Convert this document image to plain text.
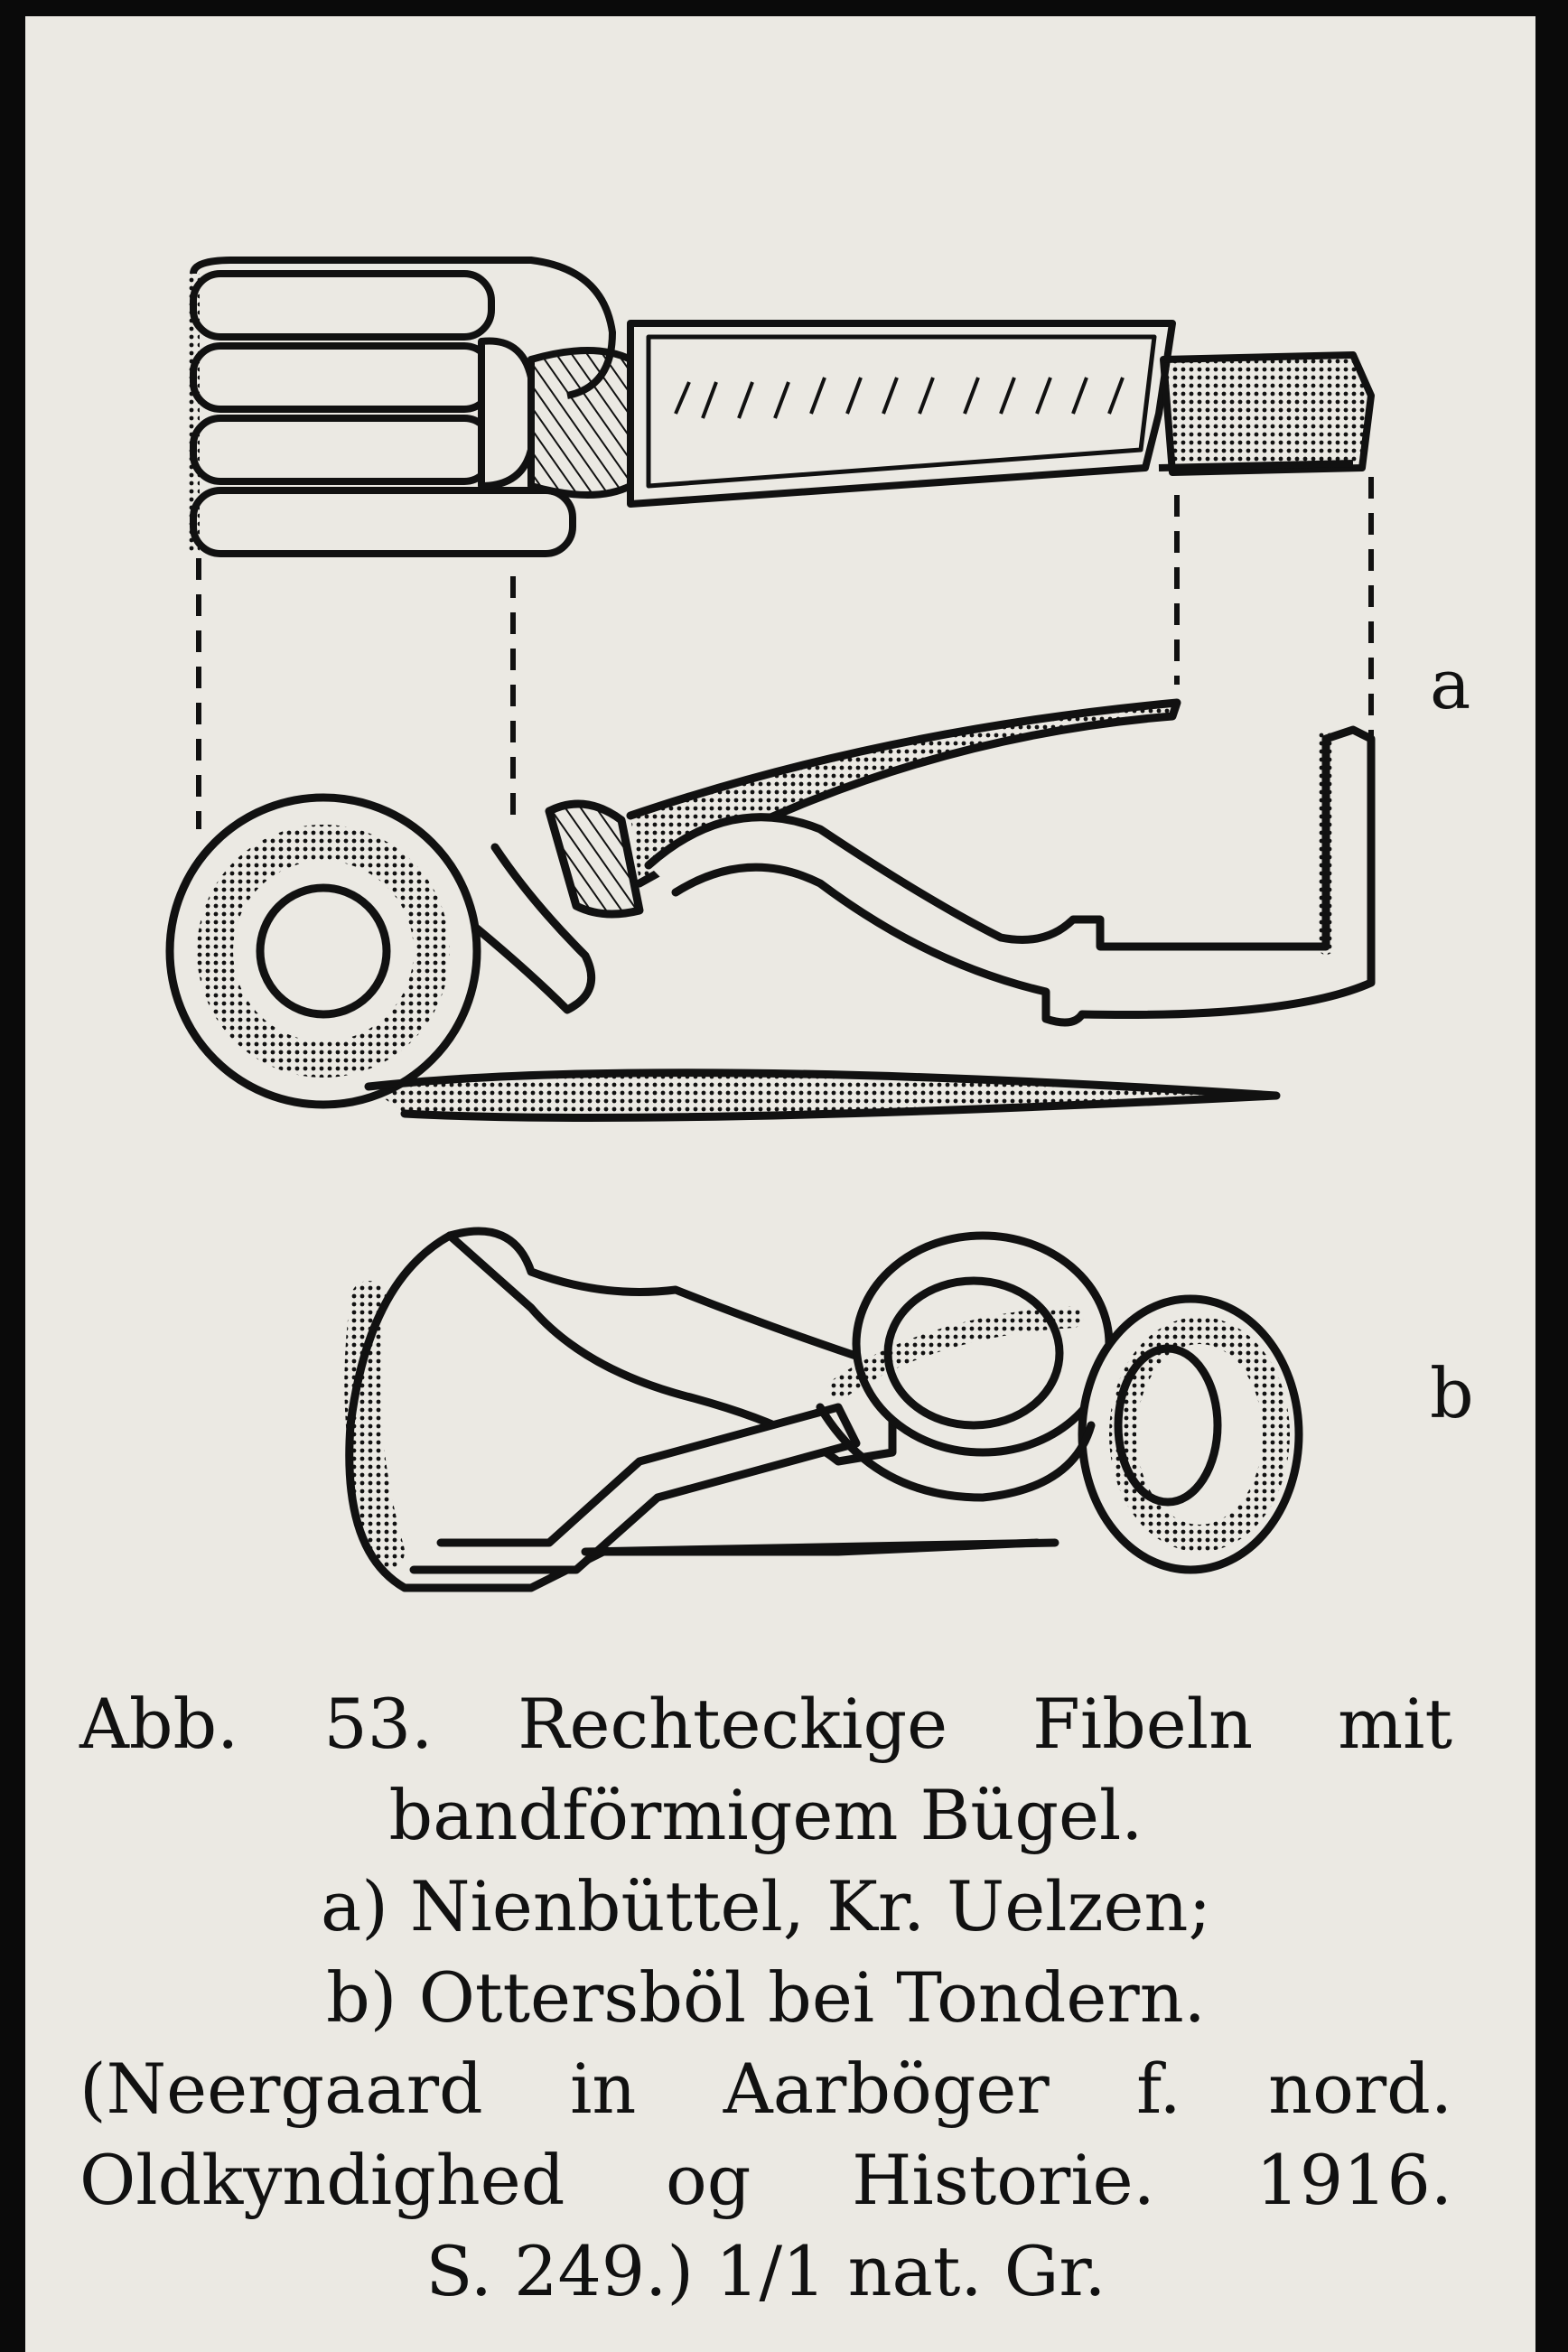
a
b
Abb. 53. Rechteckige Fibeln mit
bandförmigem Bügel.
a) Nienbüttel, Kr. Uelzen;
b) Ottersböl bei Tondern.
(Neergaard in Aarböger f. nord.
Oldkyndighed og Historie. 1916.
S. 249.) 1/1 nat. Gr.
